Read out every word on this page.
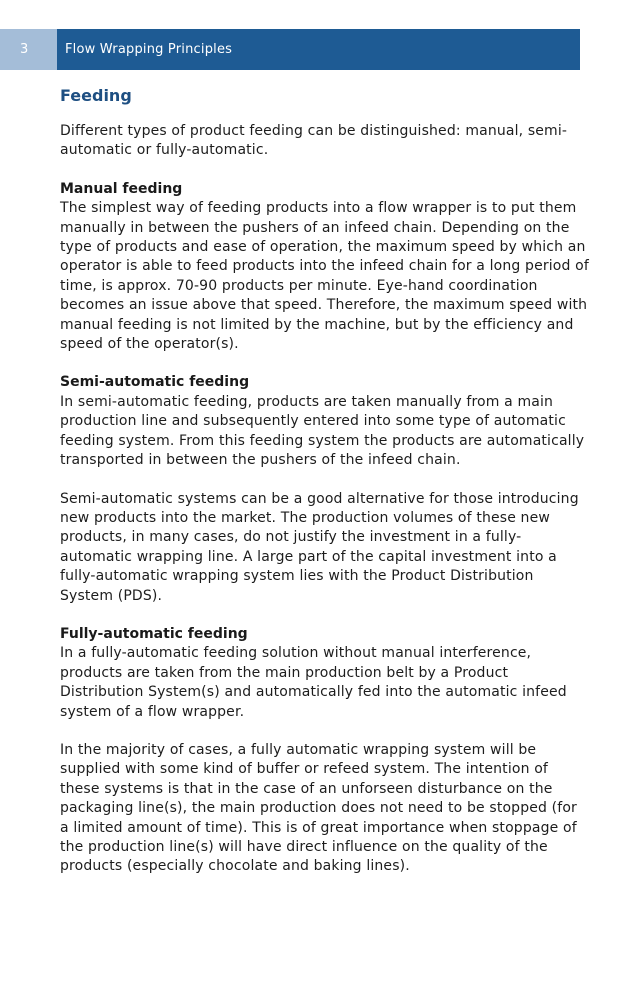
3	Flow Wrapping Principles
Feeding

Different types of product feeding can be distinguished: manual, semi-automatic or fully-automatic.

Manual feeding

The simplest way of feeding products into a flow wrapper is to put them manually in between the pushers of an infeed chain. Depending on the type of products and ease of operation, the maximum speed by which an operator is able to feed products into the infeed chain for a long period of time, is approx. 70-90 products per minute. Eye-hand coordination becomes an issue above that speed. Therefore, the maximum speed with manual feeding is not limited by the machine, but by the efficiency and speed of the operator(s).

Semi-automatic feeding

In semi-automatic feeding, products are taken manually from a main production line and subsequently entered into some type of automatic feeding system. From this feeding system the products are automatically transported in between the pushers of the infeed chain.

Semi-automatic systems can be a good alternative for those introducing new products into the market. The production volumes of these new products, in many cases, do not justify the investment in a fully-automatic wrapping line. A large part of the capital investment into a fully-automatic wrapping system lies with the Product Distribution System (PDS).

Fully-automatic feeding

In a fully-automatic feeding solution without manual interference, products are taken from the main production belt by a Product Distribution System(s) and automatically fed into the automatic infeed system of a flow wrapper.

In the majority of cases, a fully automatic wrapping system will be supplied with some kind of buffer or refeed system. The intention of these systems is that in the case of an unforseen disturbance on the packaging line(s), the main production does not need to be stopped (for a limited amount of time). This is of great importance when stoppage of the production line(s) will have direct influence on the quality of the products (especially chocolate and baking lines).
